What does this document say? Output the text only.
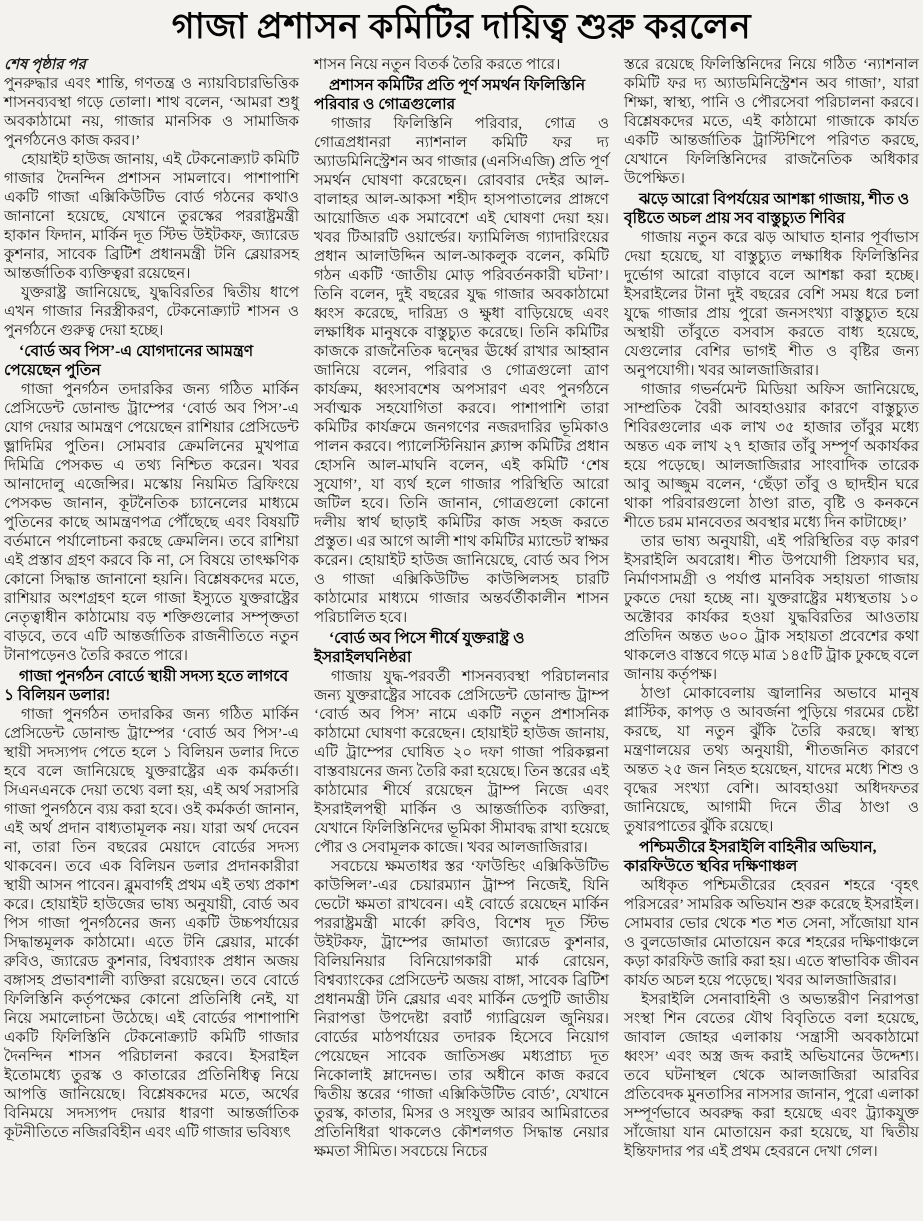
গাজা প্রশাসন কমিটির দায়িত্ব শুরু করলেন

শেষ পৃষ্ঠার পর

পুনরুদ্ধার এবং শান্তি, গণতন্ত্র ও ন্যায়বিচারভিত্তিক শাসনব্যবস্থা গড়ে তোলা। শাথ বলেন, ‘আমরা শুধু অবকাঠামো নয়, গাজার মানসিক ও সামাজিক পুনর্গঠনেও কাজ করব।’

হোয়াইট হাউজ জানায়, এই টেকনোক্র্যাট কমিটি গাজার দৈনন্দিন প্রশাসন সামলাবে। পাশাপাশি একটি গাজা এক্সিকিউটিভ বোর্ড গঠনের কথাও জানানো হয়েছে, যেখানে তুরস্কের পররাষ্ট্রমন্ত্রী হাকান ফিদান, মার্কিন দূত স্টিভ উইটকফ, জ্যারেড কুশনার, সাবেক ব্রিটিশ প্রধানমন্ত্রী টনি ব্লেয়ারসহ আন্তর্জাতিক ব্যক্তিত্বরা রয়েছেন।

যুক্তরাষ্ট্র জানিয়েছে, যুদ্ধবিরতির দ্বিতীয় ধাপে এখন গাজার নিরস্ত্রীকরণ, টেকনোক্র্যাট শাসন ও পুনর্গঠনে গুরুত্ব দেয়া হচ্ছে।

‘বোর্ড অব পিস’-এ যোগদানের আমন্ত্রণ পেয়েছেন পুতিন

গাজা পুনর্গঠন তদারকির জন্য গঠিত মার্কিন প্রেসিডেন্ট ডোনাল্ড ট্রাম্পের ‘বোর্ড অব পিস’-এ যোগ দেয়ার আমন্ত্রণ পেয়েছেন রাশিয়ার প্রেসিডেন্ট ভ্লাদিমির পুতিন। সোমবার ক্রেমলিনের মুখপাত্র দিমিত্রি পেসকভ এ তথ্য নিশ্চিত করেন। খবর আনাদোলু এজেন্সির। মস্কোয় নিয়মিত ব্রিফিংয়ে পেসকভ জানান, কূটনৈতিক চ্যানেলের মাধ্যমে পুতিনের কাছে আমন্ত্রণপত্র পৌঁছেছে এবং বিষয়টি বর্তমানে পর্যালোচনা করছে ক্রেমলিন। তবে রাশিয়া এই প্রস্তাব গ্রহণ করবে কি না, সে বিষয়ে তাৎক্ষণিক কোনো সিদ্ধান্ত জানানো হয়নি। বিশ্লেষকদের মতে, রাশিয়ার অংশগ্রহণ হলে গাজা ইস্যুতে যুক্তরাষ্ট্রের নেতৃত্বাধীন কাঠামোয় বড় শক্তিগুলোর সম্পৃক্ততা বাড়বে, তবে এটি আন্তর্জাতিক রাজনীতিতে নতুন টানাপড়েনও তৈরি করতে পারে।

গাজা পুনর্গঠন বোর্ডে স্থায়ী সদস্য হতে লাগবে ১ বিলিয়ন ডলার!

গাজা পুনর্গঠন তদারকির জন্য গঠিত মার্কিন প্রেসিডেন্ট ডোনাল্ড ট্রাম্পের ‘বোর্ড অব পিস’-এ স্থায়ী সদস্যপদ পেতে হলে ১ বিলিয়ন ডলার দিতে হবে বলে জানিয়েছে যুক্তরাষ্ট্রের এক কর্মকর্তা। সিএনএনকে দেয়া তথ্যে বলা হয়, এই অর্থ সরাসরি গাজা পুনর্গঠনে ব্যয় করা হবে। ওই কর্মকর্তা জানান, এই অর্থ প্রদান বাধ্যতামূলক নয়। যারা অর্থ দেবেন না, তারা তিন বছরের মেয়াদে বোর্ডের সদস্য থাকবেন। তবে এক বিলিয়ন ডলার প্রদানকারীরা স্থায়ী আসন পাবেন। ব্লুমবার্গই প্রথম এই তথ্য প্রকাশ করে। হোয়াইট হাউজের ভাষ্য অনুযায়ী, বোর্ড অব পিস গাজা পুনর্গঠনের জন্য একটি উচ্চপর্যায়ের সিদ্ধান্তমূলক কাঠামো। এতে টনি ব্লেয়ার, মার্কো রুবিও, জ্যারেড কুশনার, বিশ্বব্যাংক প্রধান অজয় বঙ্গাসহ প্রভাবশালী ব্যক্তিরা রয়েছেন। তবে বোর্ডে ফিলিস্তিনি কর্তৃপক্ষের কোনো প্রতিনিধি নেই, যা নিয়ে সমালোচনা উঠেছে। এই বোর্ডের পাশাপাশি একটি ফিলিস্তিনি টেকনোক্র্যাট কমিটি গাজার দৈনন্দিন শাসন পরিচালনা করবে। ইসরাইল ইতোমধ্যে তুরস্ক ও কাতারের প্রতিনিধিত্ব নিয়ে আপত্তি জানিয়েছে। বিশ্লেষকদের মতে, অর্থের বিনিময়ে সদস্যপদ দেয়ার ধারণা আন্তর্জাতিক কূটনীতিতে নজিরবিহীন এবং এটি গাজার ভবিষ্যৎ

শাসন নিয়ে নতুন বিতর্ক তৈরি করতে পারে।

প্রশাসন কমিটির প্রতি পূর্ণ সমর্থন ফিলিস্তিনি পরিবার ও গোত্রগুলোর

গাজার ফিলিস্তিনি পরিবার, গোত্র ও গোত্রপ্রধানরা ন্যাশনাল কমিটি ফর দ্য অ্যাডমিনিস্ট্রেশন অব গাজার (এনসিএজি) প্রতি পূর্ণ সমর্থন ঘোষণা করেছেন। রোববার দেইর আল-বালাহর আল-আকসা শহীদ হাসপাতালের প্রাঙ্গণে আয়োজিত এক সমাবেশে এই ঘোষণা দেয়া হয়। খবর টিআরটি ওয়ার্ল্ডের। ফ্যামিলিজ গ্যাদারিংয়ের প্রধান আলাউদ্দিন আল-আকলুক বলেন, কমিটি গঠন একটি ‘জাতীয় মোড় পরিবর্তনকারী ঘটনা’। তিনি বলেন, দুই বছরের যুদ্ধ গাজার অবকাঠামো ধ্বংস করেছে, দারিদ্র্য ও ক্ষুধা বাড়িয়েছে এবং লক্ষাধিক মানুষকে বাস্তুচ্যুত করেছে। তিনি কমিটির কাজকে রাজনৈতিক দ্বন্দ্বের ঊর্ধ্বে রাখার আহ্বান জানিয়ে বলেন, পরিবার ও গোত্রগুলো ত্রাণ কার্যক্রম, ধ্বংসাবশেষ অপসারণ এবং পুনর্গঠনে সর্বাত্মক সহযোগিতা করবে। পাশাপাশি তারা কমিটির কার্যক্রমে জনগণের নজরদারির ভূমিকাও পালন করবে। প্যালেস্টিনিয়ান ক্ল্যান্স কমিটির প্রধান হোসনি আল-মাঘনি বলেন, এই কমিটি ‘শেষ সুযোগ’, যা ব্যর্থ হলে গাজার পরিস্থিতি আরো জটিল হবে। তিনি জানান, গোত্রগুলো কোনো দলীয় স্বার্থ ছাড়াই কমিটির কাজ সহজ করতে প্রস্তুত। এর আগে আলী শাথ কমিটির ম্যান্ডেট স্বাক্ষর করেন। হোয়াইট হাউজ জানিয়েছে, বোর্ড অব পিস ও গাজা এক্সিকিউটিভ কাউন্সিলসহ চারটি কাঠামোর মাধ্যমে গাজার অন্তর্বর্তীকালীন শাসন পরিচালিত হবে।

‘বোর্ড অব পিসে শীর্ষে যুক্তরাষ্ট্র ও ইসরাইলঘনিষ্ঠরা

গাজায় যুদ্ধ-পরবর্তী শাসনব্যবস্থা পরিচালনার জন্য যুক্তরাষ্ট্রের সাবেক প্রেসিডেন্ট ডোনাল্ড ট্রাম্প ‘বোর্ড অব পিস’ নামে একটি নতুন প্রশাসনিক কাঠামো ঘোষণা করেছেন। হোয়াইট হাউজ জানায়, এটি ট্রাম্পের ঘোষিত ২০ দফা গাজা পরিকল্পনা বাস্তবায়নের জন্য তৈরি করা হয়েছে। তিন স্তরের এই কাঠামোর শীর্ষে রয়েছেন ট্রাম্প নিজে এবং ইসরাইলপন্থী মার্কিন ও আন্তর্জাতিক ব্যক্তিরা, যেখানে ফিলিস্তিনিদের ভূমিকা সীমাবদ্ধ রাখা হয়েছে পৌর ও সেবামূলক কাজে। খবর আলজাজিরার।

সবচেয়ে ক্ষমতাধর স্তর ‘ফাউন্ডিং এক্সিকিউটিভ কাউন্সিল’-এর চেয়ারম্যান ট্রাম্প নিজেই, যিনি ভেটো ক্ষমতা রাখবেন। এই বোর্ডে রয়েছেন মার্কিন পররাষ্ট্রমন্ত্রী মার্কো রুবিও, বিশেষ দূত স্টিভ উইটকফ, ট্রাম্পের জামাতা জ্যারেড কুশনার, বিলিয়নিয়ার বিনিয়োগকারী মার্ক রোয়েন, বিশ্বব্যাংকের প্রেসিডেন্ট অজয় বাঙ্গা, সাবেক ব্রিটিশ প্রধানমন্ত্রী টনি ব্লেয়ার এবং মার্কিন ডেপুটি জাতীয় নিরাপত্তা উপদেষ্টা রবার্ট গ্যাব্রিয়েল জুনিয়র। বোর্ডের মাঠপর্যায়ের তদারক হিসেবে নিয়োগ পেয়েছেন সাবেক জাতিসঙ্ঘ মধ্যপ্রাচ্য দূত নিকোলাই ম্লাদেনভ। তার অধীনে কাজ করবে দ্বিতীয় স্তরের ‘গাজা এক্সিকিউটিভ বোর্ড’, যেখানে তুরস্ক, কাতার, মিসর ও সংযুক্ত আরব আমিরাতের প্রতিনিধিরা থাকলেও কৌশলগত সিদ্ধান্ত নেয়ার ক্ষমতা সীমিত। সবচেয়ে নিচের

স্তরে রয়েছে ফিলিস্তিনিদের নিয়ে গঠিত ‘ন্যাশনাল কমিটি ফর দ্য অ্যাডমিনিস্ট্রেশন অব গাজা’, যারা শিক্ষা, স্বাস্থ্য, পানি ও পৌরসেবা পরিচালনা করবে। বিশ্লেষকদের মতে, এই কাঠামো গাজাকে কার্যত একটি আন্তর্জাতিক ট্রাস্টিশিপে পরিণত করছে, যেখানে ফিলিস্তিনিদের রাজনৈতিক অধিকার উপেক্ষিত।

ঝড়ে আরো বিপর্যয়ের আশঙ্কা গাজায়, শীত ও বৃষ্টিতে অচল প্রায় সব বাস্তুচ্যুত শিবির

গাজায় নতুন করে ঝড় আঘাত হানার পূর্বাভাস দেয়া হয়েছে, যা বাস্তুচ্যুত লক্ষাধিক ফিলিস্তিনির দুর্ভোগ আরো বাড়াবে বলে আশঙ্কা করা হচ্ছে। ইসরাইলের টানা দুই বছরের বেশি সময় ধরে চলা যুদ্ধে গাজার প্রায় পুরো জনসংখ্যা বাস্তুচ্যুত হয়ে অস্থায়ী তাঁবুতে বসবাস করতে বাধ্য হয়েছে, যেগুলোর বেশির ভাগই শীত ও বৃষ্টির জন্য অনুপযোগী। খবর আলজাজিরার।

গাজার গভর্নমেন্ট মিডিয়া অফিস জানিয়েছে, সাম্প্রতিক বৈরী আবহাওয়ার কারণে বাস্তুচ্যুত শিবিরগুলোর এক লাখ ৩৫ হাজার তাঁবুর মধ্যে অন্তত এক লাখ ২৭ হাজার তাঁবু সম্পূর্ণ অকার্যকর হয়ে পড়েছে। আলজাজিরার সাংবাদিক তারেক আবু আজ্জুম বলেন, ‘ছেঁড়া তাঁবু ও ছাদহীন ঘরে থাকা পরিবারগুলো ঠাণ্ডা রাত, বৃষ্টি ও কনকনে শীতে চরম মানবেতর অবস্থার মধ্যে দিন কাটাচ্ছে।’

তার ভাষ্য অনুযায়ী, এই পরিস্থিতির বড় কারণ ইসরাইলি অবরোধ। শীত উপযোগী প্রিফ্যাব ঘর, নির্মাণসামগ্রী ও পর্যাপ্ত মানবিক সহায়তা গাজায় ঢুকতে দেয়া হচ্ছে না। যুক্তরাষ্ট্রের মধ্যস্থতায় ১০ অক্টোবর কার্যকর হওয়া যুদ্ধবিরতির আওতায় প্রতিদিন অন্তত ৬০০ ট্রাক সহায়তা প্রবেশের কথা থাকলেও বাস্তবে গড়ে মাত্র ১৪৫টি ট্রাক ঢুকছে বলে জানায় কর্তৃপক্ষ।

ঠাণ্ডা মোকাবেলায় জ্বালানির অভাবে মানুষ প্লাস্টিক, কাপড় ও আবর্জনা পুড়িয়ে গরমের চেষ্টা করছে, যা নতুন ঝুঁকি তৈরি করছে। স্বাস্থ্য মন্ত্রণালয়ের তথ্য অনুযায়ী, শীতজনিত কারণে অন্তত ২৫ জন নিহত হয়েছেন, যাদের মধ্যে শিশু ও বৃদ্ধের সংখ্যা বেশি। আবহাওয়া অধিদফতর জানিয়েছে, আগামী দিনে তীব্র ঠাণ্ডা ও তুষারপাতের ঝুঁকি রয়েছে।

পশ্চিমতীরে ইসরাইলি বাহিনীর অভিযান, কারফিউতে স্থবির দক্ষিণাঞ্চল

অধিকৃত পশ্চিমতীরের হেবরন শহরে ‘বৃহৎ পরিসরের’ সামরিক অভিযান শুরু করেছে ইসরাইল। সোমবার ভোর থেকে শত শত সেনা, সাঁজোয়া যান ও বুলডোজার মোতায়েন করে শহরের দক্ষিণাঞ্চলে কড়া কারফিউ জারি করা হয়। এতে স্বাভাবিক জীবন কার্যত অচল হয়ে পড়েছে। খবর আলজাজিরার।

ইসরাইলি সেনাবাহিনী ও অভ্যন্তরীণ নিরাপত্তা সংস্থা শিন বেতের যৌথ বিবৃতিতে বলা হয়েছে, জাবাল জোহর এলাকায় ‘সন্ত্রাসী অবকাঠামো ধ্বংস’ এবং অস্ত্র জব্দ করাই অভিযানের উদ্দেশ্য। তবে ঘটনাস্থল থেকে আলজাজিরা আরবির প্রতিবেদক মুনতাসির নাসসার জানান, পুরো এলাকা সম্পূর্ণভাবে অবরুদ্ধ করা হয়েছে এবং ট্র্যাকযুক্ত সাঁজোয়া যান মোতায়েন করা হয়েছে, যা দ্বিতীয় ইন্তিফাদার পর এই প্রথম হেবরনে দেখা গেল।
